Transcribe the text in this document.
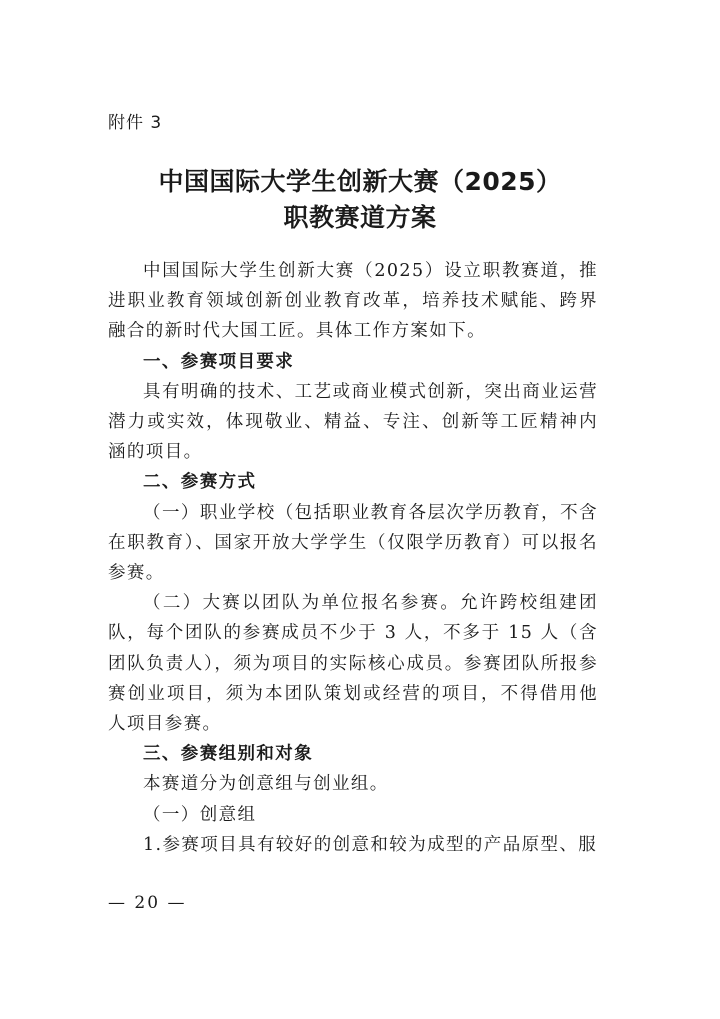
附件 3
中国国际大学生创新大赛（2025）
职教赛道方案

中国国际大学生创新大赛（2025）设立职教赛道，推进职业教育领域创新创业教育改革，培养技术赋能、跨界融合的新时代大国工匠。具体工作方案如下。

一、参赛项目要求

具有明确的技术、工艺或商业模式创新，突出商业运营潜力或实效，体现敬业、精益、专注、创新等工匠精神内涵的项目。

二、参赛方式

（一）职业学校（包括职业教育各层次学历教育，不含在职教育）、国家开放大学学生（仅限学历教育）可以报名参赛。

（二）大赛以团队为单位报名参赛。允许跨校组建团队，每个团队的参赛成员不少于 3 人，不多于 15 人（含团队负责人），须为项目的实际核心成员。参赛团队所报参赛创业项目，须为本团队策划或经营的项目，不得借用他人项目参赛。

三、参赛组别和对象

本赛道分为创意组与创业组。

（一）创意组

1.参赛项目具有较好的创意和较为成型的产品原型、服

— 20 —
